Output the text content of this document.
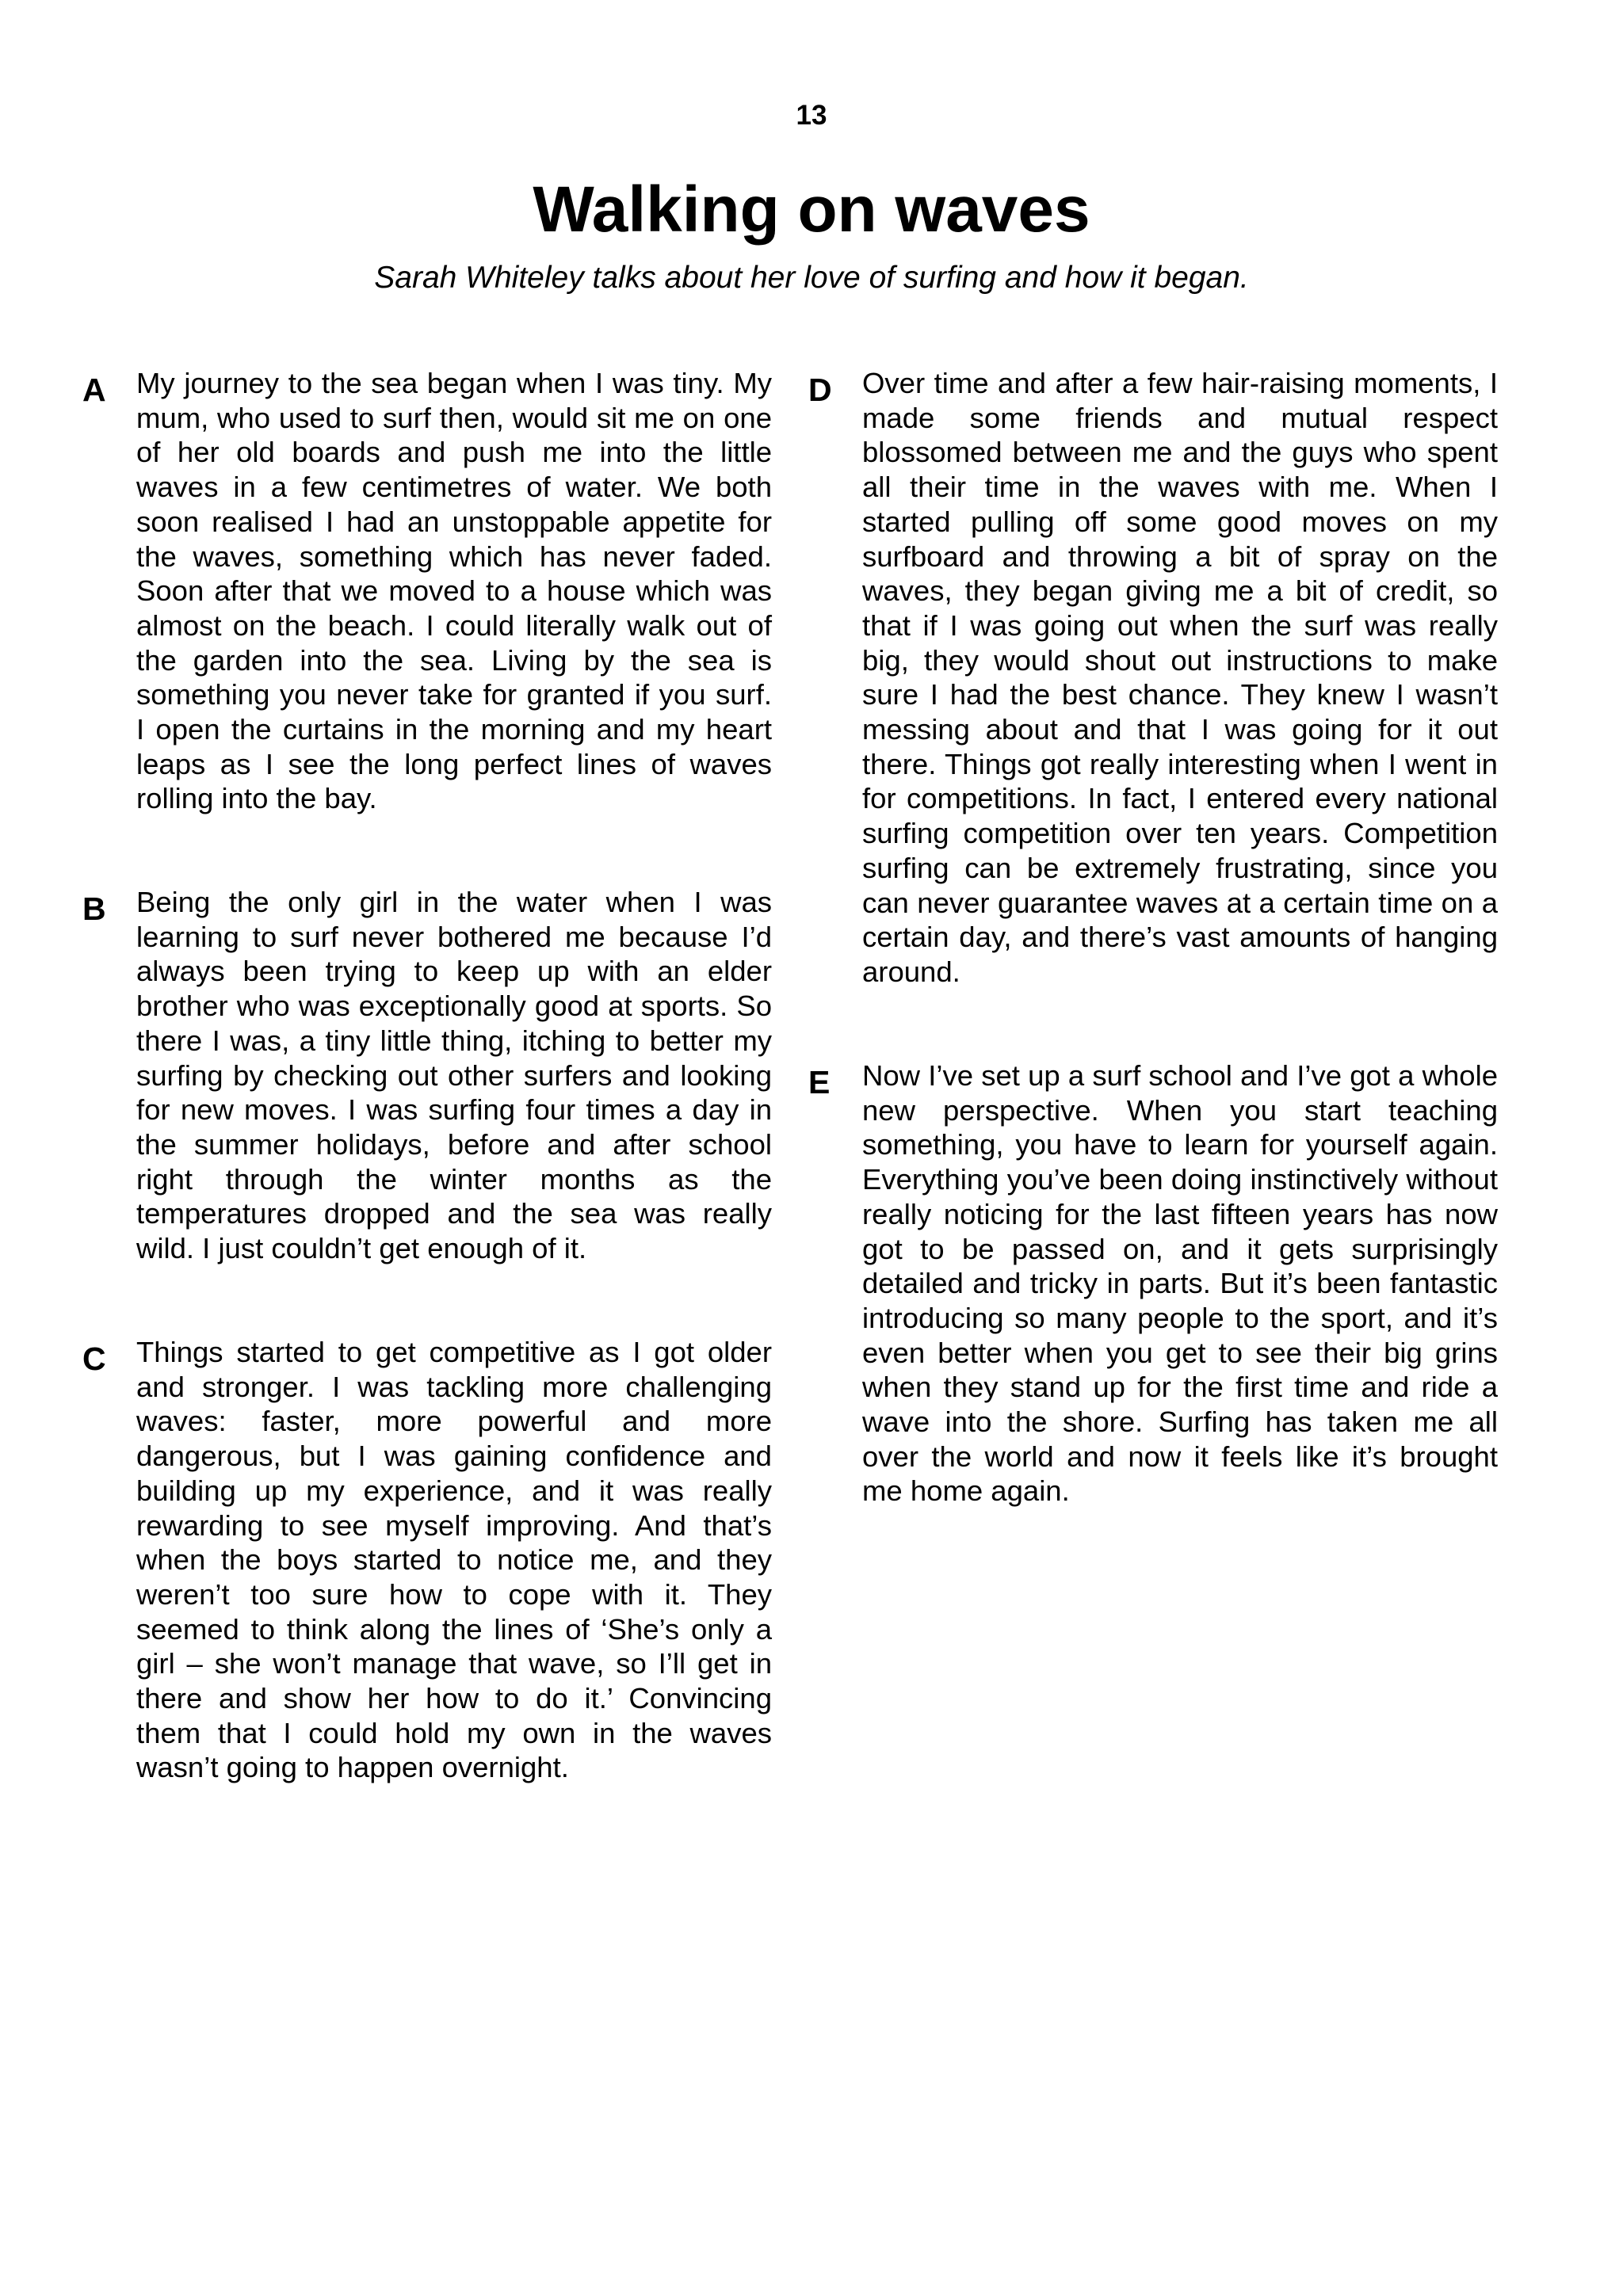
13
Walking on waves
Sarah Whiteley talks about her love of surfing and how it began.
A My journey to the sea began when I was tiny. My mum, who used to surf then, would sit me on one of her old boards and push me into the little waves in a few centimetres of water. We both soon realised I had an unstoppable appetite for the waves, something which has never faded. Soon after that we moved to a house which was almost on the beach. I could literally walk out of the garden into the sea. Living by the sea is something you never take for granted if you surf. I open the curtains in the morning and my heart leaps as I see the long perfect lines of waves rolling into the bay.

B Being the only girl in the water when I was learning to surf never bothered me because I’d always been trying to keep up with an elder brother who was exceptionally good at sports. So there I was, a tiny little thing, itching to better my surfing by checking out other surfers and looking for new moves. I was surfing four times a day in the summer holidays, before and after school right through the winter months as the temperatures dropped and the sea was really wild. I just couldn’t get enough of it.

C Things started to get competitive as I got older and stronger. I was tackling more challenging waves: faster, more powerful and more dangerous, but I was gaining confidence and building up my experience, and it was really rewarding to see myself improving. And that’s when the boys started to notice me, and they weren’t too sure how to cope with it. They seemed to think along the lines of ‘She’s only a girl – she won’t manage that wave, so I’ll get in there and show her how to do it.’ Convincing them that I could hold my own in the waves wasn’t going to happen overnight.

D Over time and after a few hair-raising moments, I made some friends and mutual respect blossomed between me and the guys who spent all their time in the waves with me. When I started pulling off some good moves on my surfboard and throwing a bit of spray on the waves, they began giving me a bit of credit, so that if I was going out when the surf was really big, they would shout out instructions to make sure I had the best chance. They knew I wasn’t messing about and that I was going for it out there. Things got really interesting when I went in for competitions. In fact, I entered every national surfing competition over ten years. Competition surfing can be extremely frustrating, since you can never guarantee waves at a certain time on a certain day, and there’s vast amounts of hanging around.

E Now I’ve set up a surf school and I’ve got a whole new perspective. When you start teaching something, you have to learn for yourself again. Everything you’ve been doing instinctively without really noticing for the last fifteen years has now got to be passed on, and it gets surprisingly detailed and tricky in parts. But it’s been fantastic introducing so many people to the sport, and it’s even better when you get to see their big grins when they stand up for the first time and ride a wave into the shore. Surfing has taken me all over the world and now it feels like it’s brought me home again.
